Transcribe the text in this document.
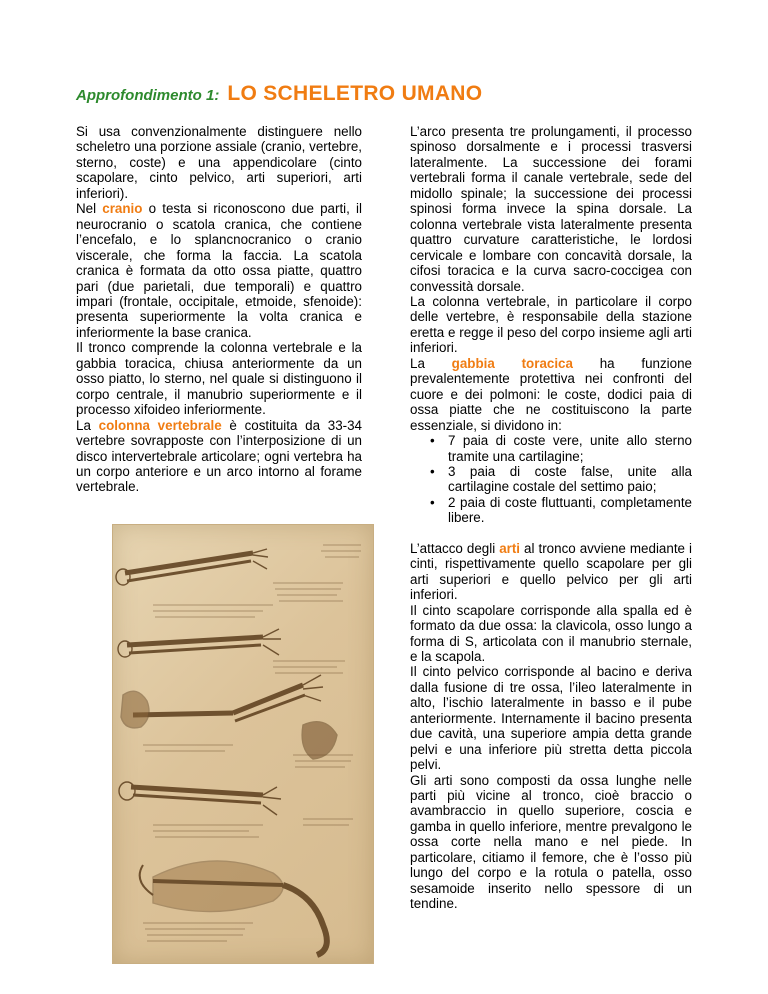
Approfondimento 1: LO SCHELETRO UMANO

Si usa convenzionalmente distinguere nello scheletro una porzione assiale (cranio, vertebre, sterno, coste) e una appendicolare (cinto scapolare, cinto pelvico, arti superiori, arti inferiori).

Nel cranio o testa si riconoscono due parti, il neurocranio o scatola cranica, che contiene l’encefalo, e lo splancnocranico o cranio viscerale, che forma la faccia. La scatola cranica è formata da otto ossa piatte, quattro pari (due parietali, due temporali) e quattro impari (frontale, occipitale, etmoide, sfenoide): presenta superiormente la volta cranica e inferiormente la base cranica.

Il tronco comprende la colonna vertebrale e la gabbia toracica, chiusa anteriormente da un osso piatto, lo sterno, nel quale si distinguono il corpo centrale, il manubrio superiormente e il processo xifoideo inferiormente.

La colonna vertebrale è costituita da 33-34 vertebre sovrapposte con l’interposizione di un disco intervertebrale articolare; ogni vertebra ha un corpo anteriore e un arco intorno al forame vertebrale.

L’arco presenta tre prolungamenti, il processo spinoso dorsalmente e i processi trasversi lateralmente. La successione dei forami vertebrali forma il canale vertebrale, sede del midollo spinale; la successione dei processi spinosi forma invece la spina dorsale. La colonna vertebrale vista lateralmente presenta quattro curvature caratteristiche, le lordosi cervicale e lombare con concavità dorsale, la cifosi toracica e la curva sacro-coccigea con convessità dorsale.

La colonna vertebrale, in particolare il corpo delle vertebre, è responsabile della stazione eretta e regge il peso del corpo insieme agli arti inferiori.

La gabbia toracica ha funzione prevalentemente protettiva nei confronti del cuore e dei polmoni: le coste, dodici paia di ossa piatte che ne costituiscono la parte essenziale, si dividono in:

• 7 paia di coste vere, unite allo sterno tramite una cartilagine;
• 3 paia di coste false, unite alla cartilagine costale del settimo paio;
• 2 paia di coste fluttuanti, completamente libere.

L’attacco degli arti al tronco avviene mediante i cinti, rispettivamente quello scapolare per gli arti superiori e quello pelvico per gli arti inferiori.

Il cinto scapolare corrisponde alla spalla ed è formato da due ossa: la clavicola, osso lungo a forma di S, articolata con il manubrio sternale, e la scapola.

Il cinto pelvico corrisponde al bacino e deriva dalla fusione di tre ossa, l’ileo lateralmente in alto, l’ischio lateralmente in basso e il pube anteriormente. Internamente il bacino presenta due cavità, una superiore ampia detta grande pelvi e una inferiore più stretta detta piccola pelvi.

Gli arti sono composti da ossa lunghe nelle parti più vicine al tronco, cioè braccio o avambraccio in quello superiore, coscia e gamba in quello inferiore, mentre prevalgono le ossa corte nella mano e nel piede. In particolare, citiamo il femore, che è l’osso più lungo del corpo e la rotula o patella, osso sesamoide inserito nello spessore di un tendine.
